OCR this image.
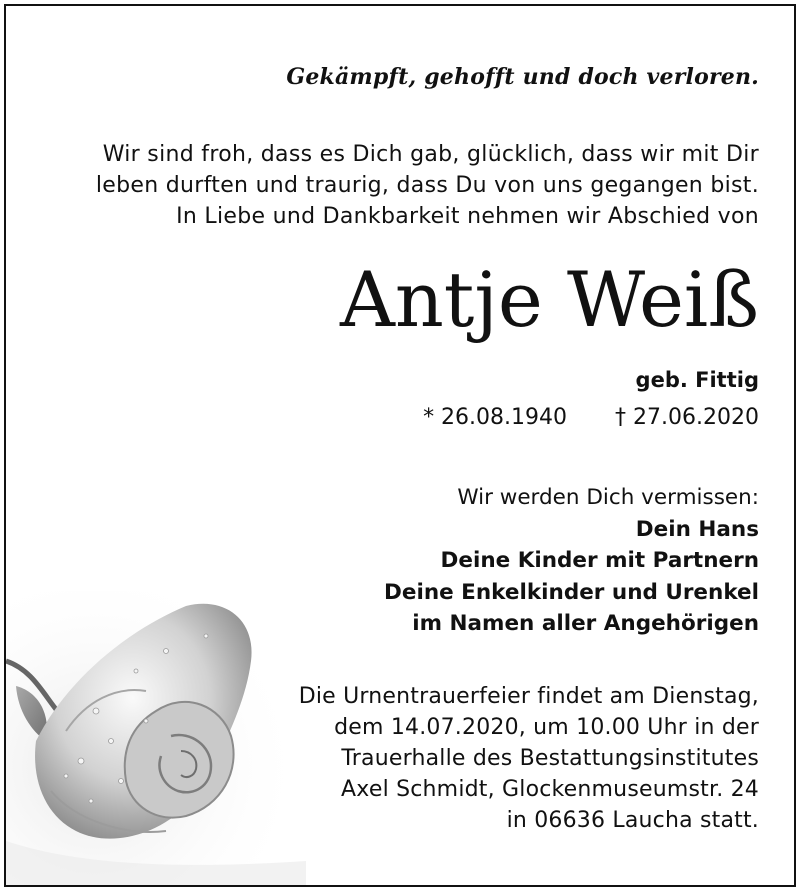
Gekämpft, gehofft und doch verloren.
Wir sind froh, dass es Dich gab, glücklich, dass wir mit Dir
leben durften und traurig, dass Du von uns gegangen bist.
In Liebe und Dankbarkeit nehmen wir Abschied von
Antje Weiß
geb. Fittig
* 26.08.1940 † 27.06.2020
Wir werden Dich vermissen:
Dein Hans
Deine Kinder mit Partnern
Deine Enkelkinder und Urenkel
im Namen aller Angehörigen
Die Urnentrauerfeier findet am Dienstag,
dem 14.07.2020, um 10.00 Uhr in der
Trauerhalle des Bestattungsinstitutes
Axel Schmidt, Glockenmuseumstr. 24
in 06636 Laucha statt.
